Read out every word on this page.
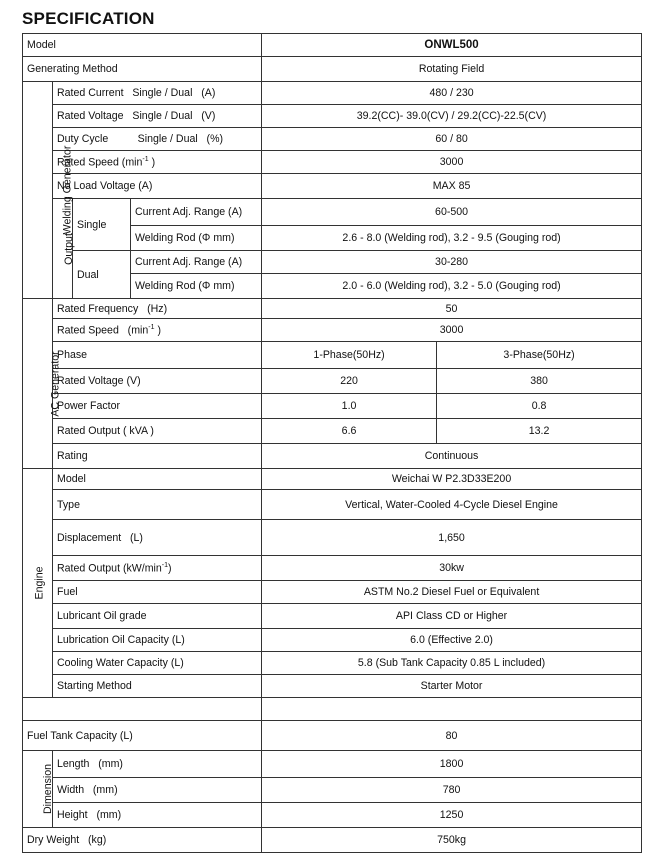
SPECIFICATION
Model				ONWL500	
Generating Method				Rotating Field	
Welding Generator	Rated Current   Single / Dual   (A)			480 / 230	
	Rated Voltage   Single / Dual   (V)			39.2(CC)- 39.0(CV) / 29.2(CC)-22.5(CV)	
	Duty Cycle          Single / Dual   (%)			60 / 80	
	Rated Speed ($\min^{-1}$ )			3000	
	No Load Voltage (A)			MAX 85	
	Output	Single	Current Adj. Range (A)	60-500	
			Welding Rod (Φ mm)	2.6 - 8.0 (Welding rod), 3.2 - 9.5 (Gouging rod)	
		Dual	Current Adj. Range (A)	30-280	
			Welding Rod (Φ mm)	2.0 - 6.0 (Welding rod), 3.2 - 5.0 (Gouging rod)	
AC Generator	Rated Frequency   (Hz)			50	
	Rated Speed   ($\min^{-1}$ )			3000	
	Phase			1-Phase(50Hz)	3-Phase(50Hz)
	Rated Voltage (V)			220	380
	Power Factor			1.0	0.8
	Rated Output ( kVA )			6.6	13.2
	Rating			Continuous	
Engine	Model			Weichai W P2.3D33E200	
	Type			Vertical, Water-Cooled 4-Cycle Diesel Engine	
	Displacement   (L)			1,650	
	Rated Output $(kW/\min^{-1})$			30kw	
	Fuel			ASTM No.2 Diesel Fuel or Equivalent	
	Lubricant Oil grade			API Class CD or Higher	
	Lubrication Oil Capacity (L)			6.0 (Effective 2.0)	
	Cooling Water Capacity (L)			5.8 (Sub Tank Capacity 0.85 L included)	
	Starting Method			Starter Motor	

Fuel Tank Capacity (L)				80	
Dimension	Length   (mm)			1800	
	Width   (mm)			780	
	Height   (mm)			1250	
Dry Weight   (kg)				750kg	
